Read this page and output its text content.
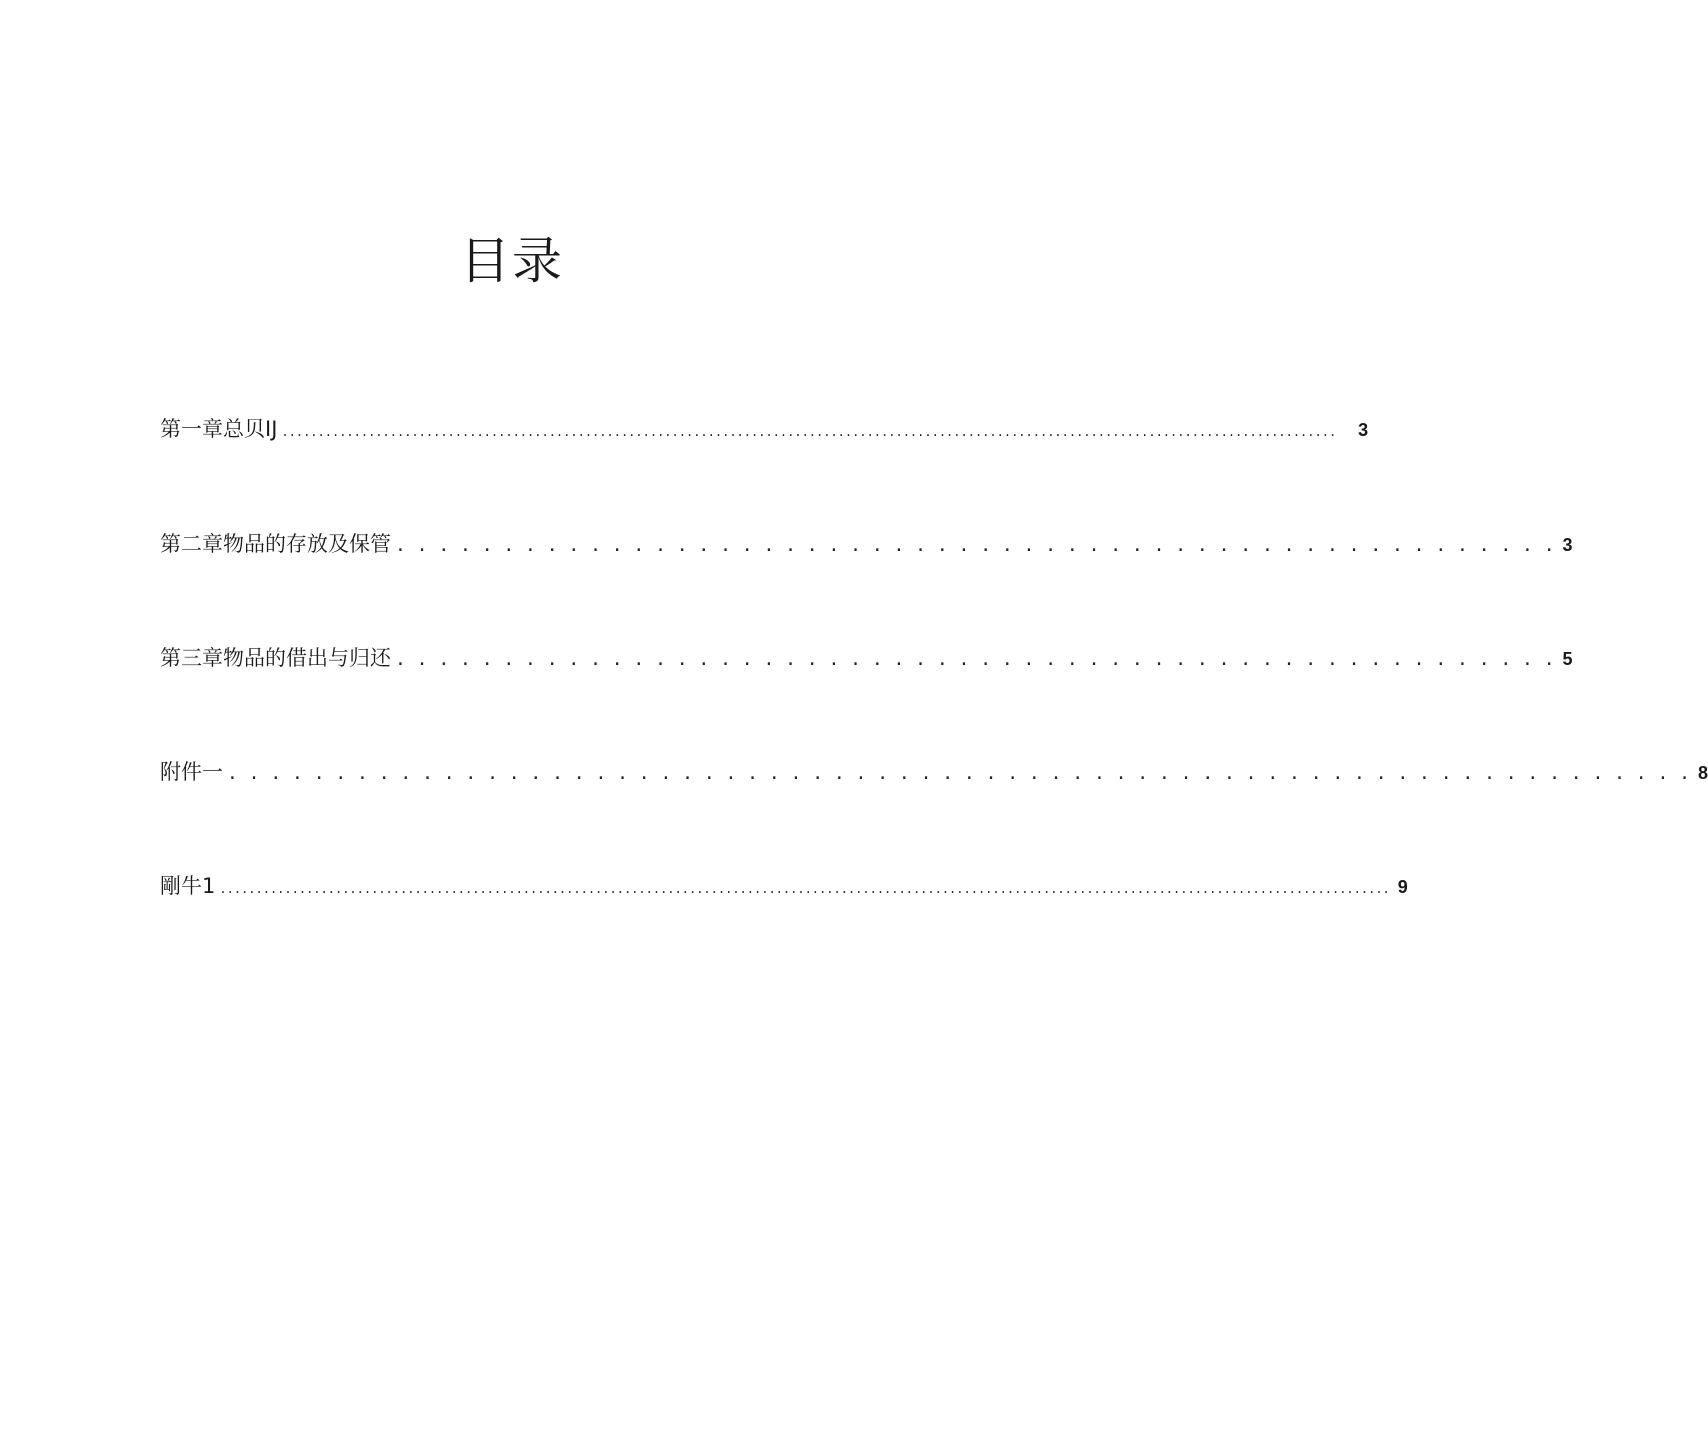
目录
第一章总贝IJ .................................................................................................................................................. 3
第二章物品的存放及保管 . . . . . . . . . . . . . . . . . . . . . . . . . . . . . . . . . . . . . . . . . . . . . . . . . . . . . . 3
第三章物品的借出与归还 . . . . . . . . . . . . . . . . . . . . . . . . . . . . . . . . . . . . . . . . . . . . . . . . . . . . . . 5
附件一 . . . . . . . . . . . . . . . . . . . . . . . . . . . . . . . . . . . . . . . . . . . . . . . . . . . . . . . . . . . . . . . . . . . . 8
剛牛1 .................................................................................................................................................................. 9
